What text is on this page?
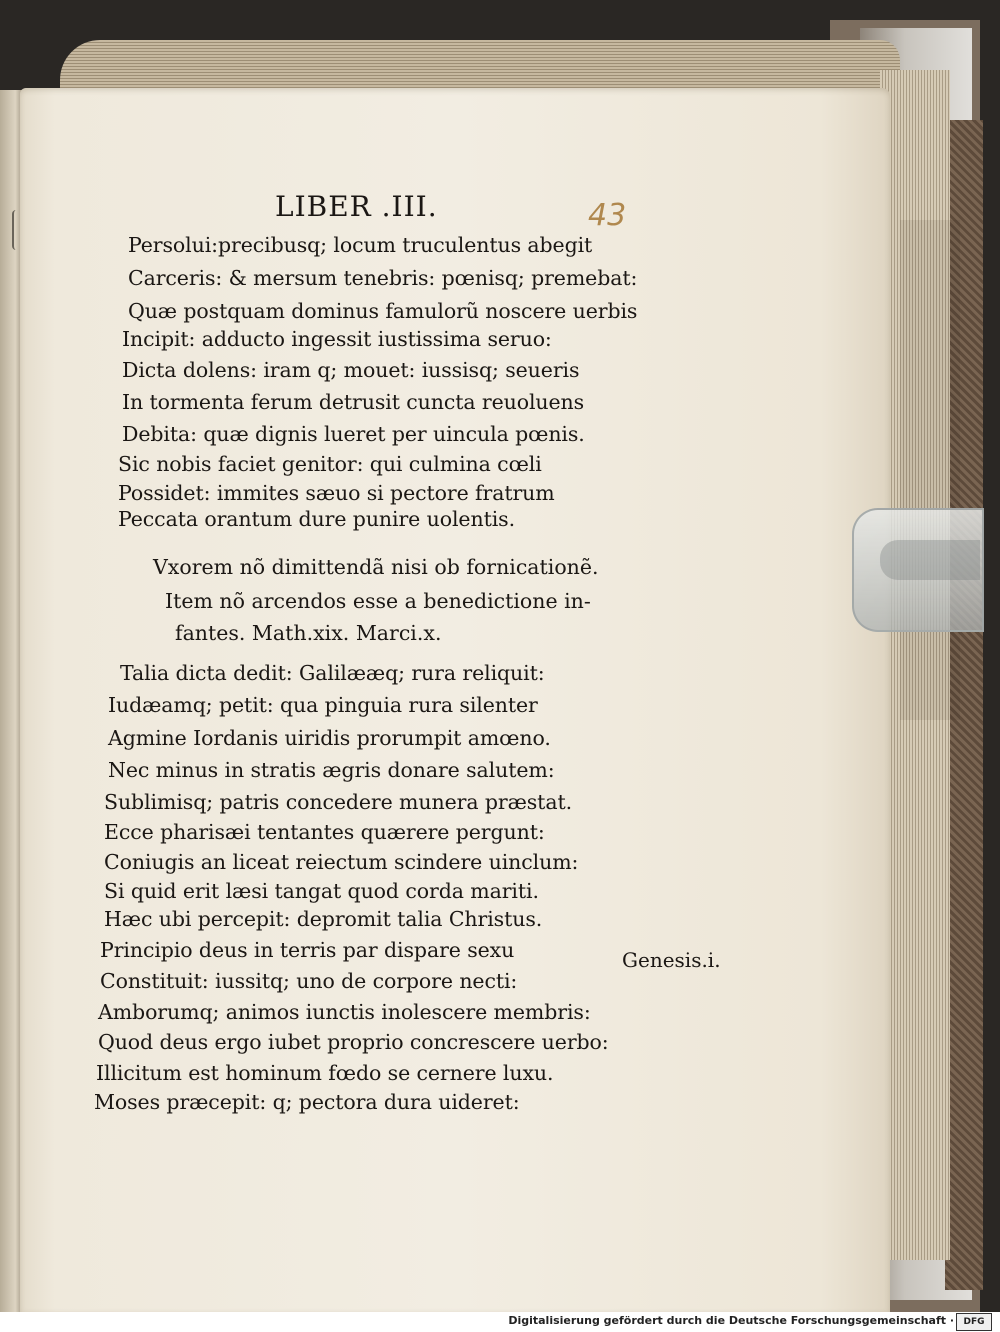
LIBER .III.	43
Persolui:precibusq; locum truculentus abegit
Carceris: & mersum tenebris: pœnisq; premebat:
Quæ postquam dominus famulorũ noscere uerbis
Incipit: adducto ingessit iustissima seruo:
Dicta dolens: iram q; mouet: iussisq; seueris
In tormenta ferum detrusit cuncta reuoluens
Debita: quæ dignis lueret per uincula pœnis.
Sic nobis faciet genitor: qui culmina cœli
Possidet: immites sæuo si pectore fratrum
Peccata orantum dure punire uolentis.
Vxorem nõ dimittendã nisi ob fornicationẽ.
Item nõ arcendos esse a benedictione in-
fantes. Math.xix. Marci.x.
Talia dicta dedit: Galilææq; rura reliquit:
Iudæamq; petit: qua pinguia rura silenter
Agmine Iordanis uiridis prorumpit amœno.
Nec minus in stratis ægris donare salutem:
Sublimisq; patris concedere munera præstat.
Ecce pharisæi tentantes quærere pergunt:
Coniugis an liceat reiectum scindere uinclum:
Si quid erit læsi tangat quod corda mariti.
Hæc ubi percepit: depromit talia Christus.
Principio deus in terris par dispare sexu
Constituit: iussitq; uno de corpore necti:
Amborumq; animos iunctis inolescere membris:
Quod deus ergo iubet proprio concrescere uerbo:
Illicitum est hominum fœdo se cernere luxu.
Moses præcepit: q; pectora dura uideret:
Genesis.i.
Digitalisierung gefördert durch die Deutsche Forschungsgemeinschaft ·	DFG
